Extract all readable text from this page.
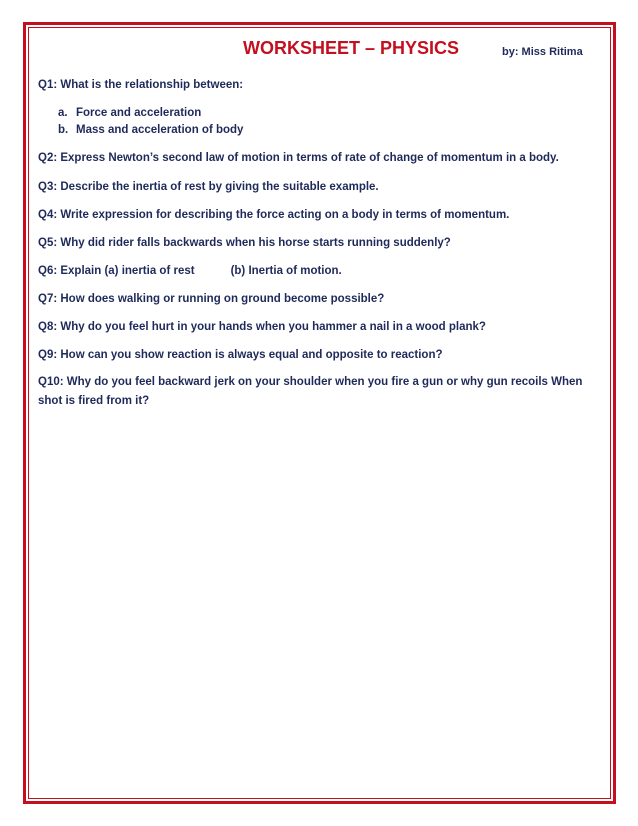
WORKSHEET – PHYSICS	by: Miss Ritima
Q1: What is the relationship between:
a. Force and acceleration
b. Mass and acceleration of body
Q2: Express Newton’s second law of motion in terms of rate of change of momentum in a body.
Q3: Describe the inertia of rest by giving the suitable example.
Q4: Write expression for describing the force acting on a body in terms of momentum.
Q5: Why did rider falls backwards when his horse starts running suddenly?
Q6: Explain (a) inertia of rest	(b) Inertia of motion.
Q7: How does walking or running on ground become possible?
Q8: Why do you feel hurt in your hands when you hammer a nail in a wood plank?
Q9: How can you show reaction is always equal and opposite to reaction?
Q10: Why do you feel backward jerk on your shoulder when you fire a gun or why gun recoils When shot is fired from it?
